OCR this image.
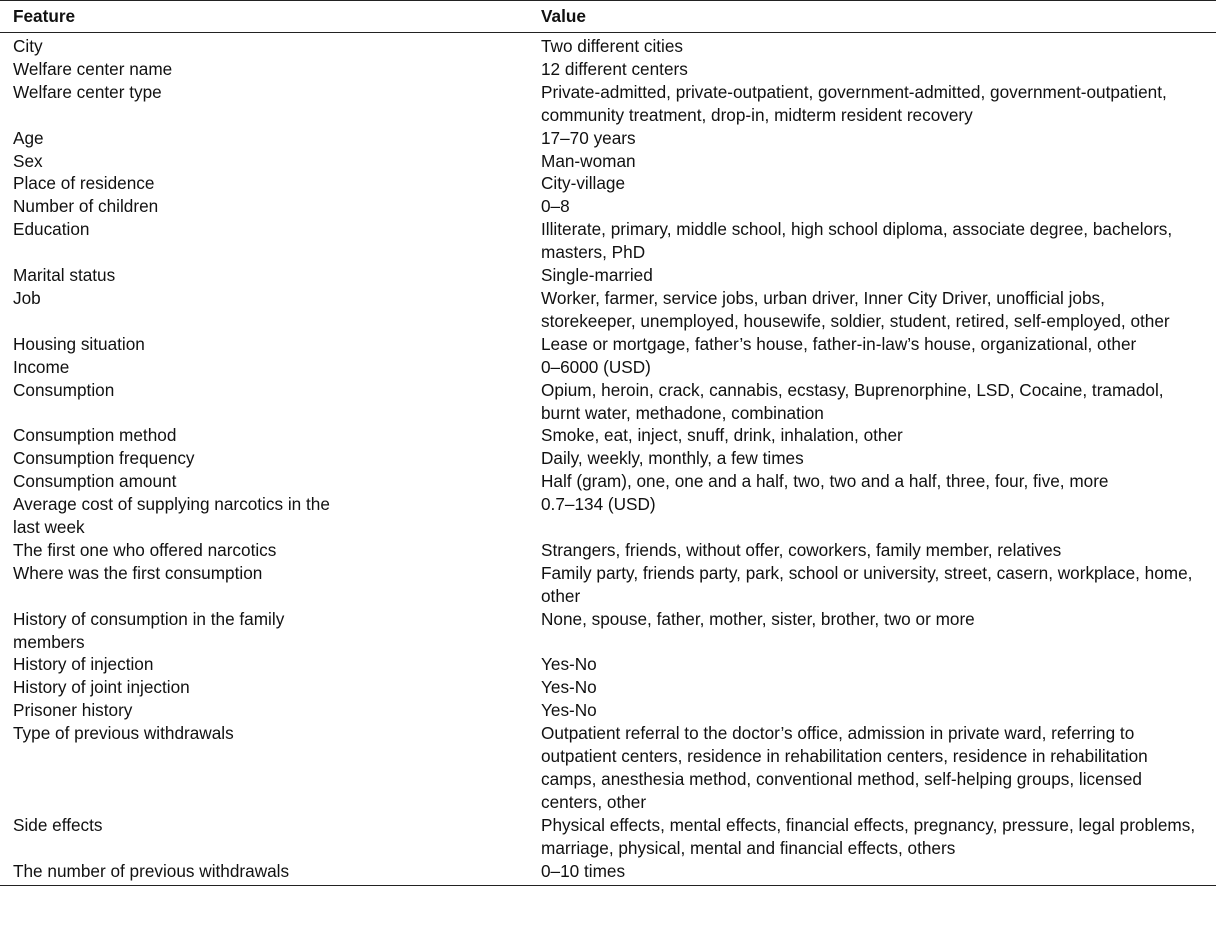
Feature	Value

City	Two different cities

Welfare center name	12 different centers

Welfare center type	Private-admitted, private-outpatient, government-admitted, government-outpatient, community treatment, drop-in, midterm resident recovery

Age	17–70 years

Sex	Man-woman

Place of residence	City-village

Number of children	0–8

Education	Illiterate, primary, middle school, high school diploma, associate degree, bachelors, masters, PhD

Marital status	Single-married

Job	Worker, farmer, service jobs, urban driver, Inner City Driver, unofficial jobs, storekeeper, unemployed, housewife, soldier, student, retired, self-employed, other

Housing situation	Lease or mortgage, father’s house, father-in-law’s house, organizational, other

Income	0–6000 (USD)

Consumption	Opium, heroin, crack, cannabis, ecstasy, Buprenorphine, LSD, Cocaine, tramadol, burnt water, methadone, combination

Consumption method	Smoke, eat, inject, snuff, drink, inhalation, other

Consumption frequency	Daily, weekly, monthly, a few times

Consumption amount	Half (gram), one, one and a half, two, two and a half, three, four, five, more

Average cost of supplying narcotics in the last week	0.7–134 (USD)

The first one who offered narcotics	Strangers, friends, without offer, coworkers, family member, relatives

Where was the first consumption	Family party, friends party, park, school or university, street, casern, workplace, home, other

History of consumption in the family members	None, spouse, father, mother, sister, brother, two or more

History of injection	Yes-No

History of joint injection	Yes-No

Prisoner history	Yes-No

Type of previous withdrawals	Outpatient referral to the doctor’s office, admission in private ward, referring to outpatient centers, residence in rehabilitation centers, residence in rehabilitation camps, anesthesia method, conventional method, self-helping groups, licensed centers, other

Side effects	Physical effects, mental effects, financial effects, pregnancy, pressure, legal problems, marriage, physical, mental and financial effects, others

The number of previous withdrawals	0–10 times
